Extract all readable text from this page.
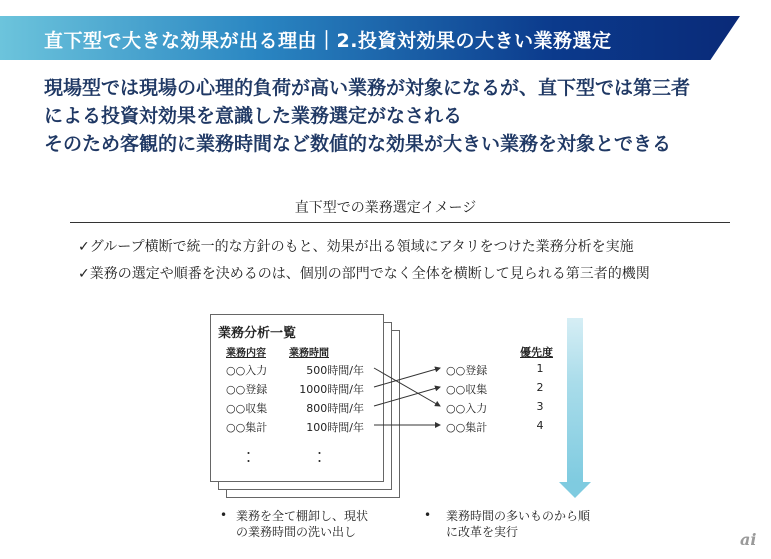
直下型で大きな効果が出る理由｜2.投資対効果の大きい業務選定
現場型では現場の心理的負荷が高い業務が対象になるが、直下型では第三者
による投資対効果を意識した業務選定がなされる
そのため客観的に業務時間など数値的な効果が大きい業務を対象とできる
直下型での業務選定イメージ
✓グループ横断で統一的な方針のもと、効果が出る領域にアタリをつけた業務分析を実施
✓業務の選定や順番を決めるのは、個別の部門でなく全体を横断して見られる第三者的機関
業務分析一覧
業務内容 業務時間
○○入力	500時間/年
○○登録	1000時間/年
○○収集	800時間/年
○○集計	100時間/年
・
・
・
・
優先度
○○登録	1
○○収集	2
○○入力	3
○○集計	4
• 業務を全て棚卸し、現状の業務時間の洗い出し
• 業務時間の多いものから順に改革を実行	ai
